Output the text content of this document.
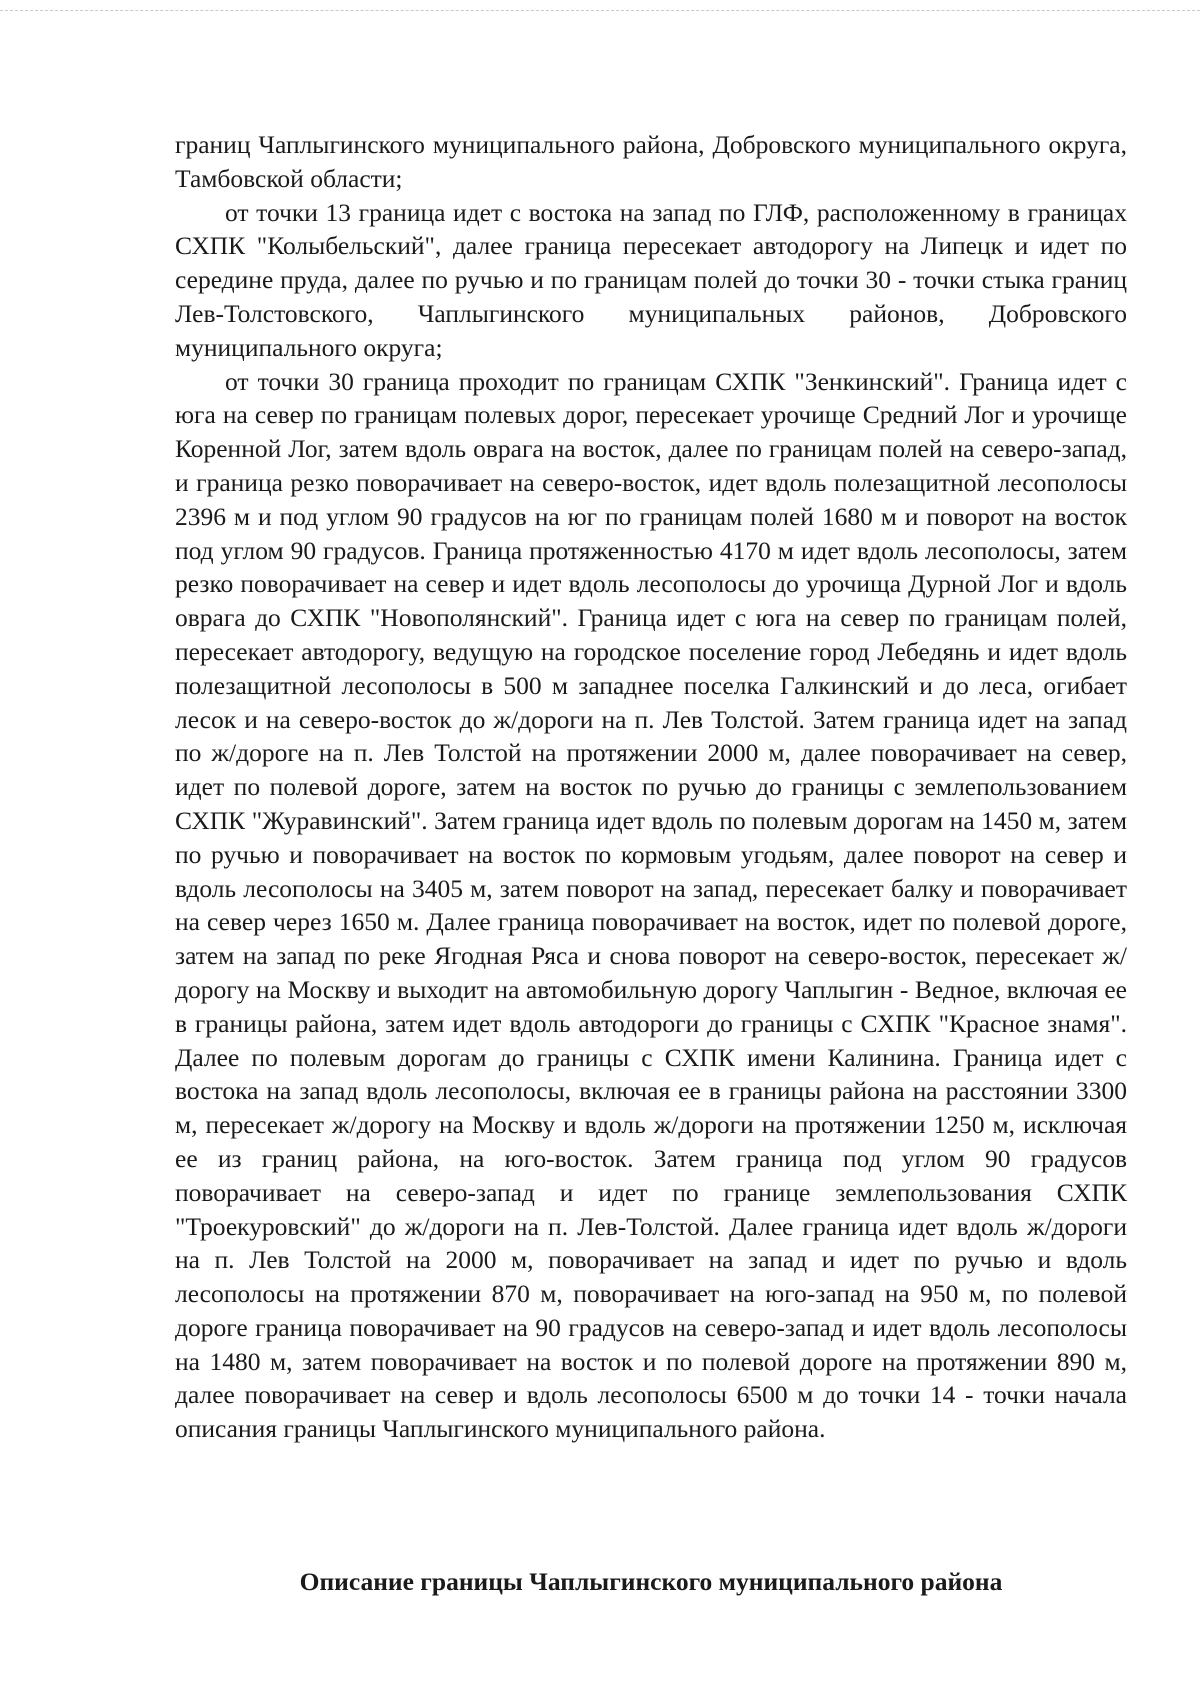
границ Чаплыгинского муниципального района, Добровского муниципального округа, Тамбовской области;

от точки 13 граница идет с востока на запад по ГЛФ, расположенному в границах СХПК "Колыбельский", далее граница пересекает автодорогу на Липецк и идет по середине пруда, далее по ручью и по границам полей до точки 30 - точки стыка границ Лев-Толстовского, Чаплыгинского муниципальных районов, Добровского муниципального округа;

от точки 30 граница проходит по границам СХПК "Зенкинский". Граница идет с юга на север по границам полевых дорог, пересекает урочище Средний Лог и урочище Коренной Лог, затем вдоль оврага на восток, далее по границам полей на северо-запад, и граница резко поворачивает на северо-восток, идет вдоль полезащитной лесополосы 2396 м и под углом 90 градусов на юг по границам полей 1680 м и поворот на восток под углом 90 градусов. Граница протяженностью 4170 м идет вдоль лесополосы, затем резко поворачивает на север и идет вдоль лесополосы до урочища Дурной Лог и вдоль оврага до СХПК "Новополянский". Граница идет с юга на север по границам полей, пересекает автодорогу, ведущую на городское поселение город Лебедянь и идет вдоль полезащитной лесополосы в 500 м западнее поселка Галкинский и до леса, огибает лесок и на северо-восток до ж/дороги на п. Лев Толстой. Затем граница идет на запад по ж/дороге на п. Лев Толстой на протяжении 2000 м, далее поворачивает на север, идет по полевой дороге, затем на восток по ручью до границы с землепользованием СХПК "Журавинский". Затем граница идет вдоль по полевым дорогам на 1450 м, затем по ручью и поворачивает на восток по кормовым угодьям, далее поворот на север и вдоль лесополосы на 3405 м, затем поворот на запад, пересекает балку и поворачивает на север через 1650 м. Далее граница поворачивает на восток, идет по полевой дороге, затем на запад по реке Ягодная Ряса и снова поворот на северо-восток, пересекает ж/дорогу на Москву и выходит на автомобильную дорогу Чаплыгин - Ведное, включая ее в границы района, затем идет вдоль автодороги до границы с СХПК "Красное знамя". Далее по полевым дорогам до границы с СХПК имени Калинина. Граница идет с востока на запад вдоль лесополосы, включая ее в границы района на расстоянии 3300 м, пересекает ж/дорогу на Москву и вдоль ж/дороги на протяжении 1250 м, исключая ее из границ района, на юго-восток. Затем граница под углом 90 градусов поворачивает на северо-запад и идет по границе землепользования СХПК "Троекуровский" до ж/дороги на п. Лев-Толстой. Далее граница идет вдоль ж/дороги на п. Лев Толстой на 2000 м, поворачивает на запад и идет по ручью и вдоль лесополосы на протяжении 870 м, поворачивает на юго-запад на 950 м, по полевой дороге граница поворачивает на 90 градусов на северо-запад и идет вдоль лесополосы на 1480 м, затем поворачивает на восток и по полевой дороге на протяжении 890 м, далее поворачивает на север и вдоль лесополосы 6500 м до точки 14 - точки начала описания границы Чаплыгинского муниципального района.

Описание границы Чаплыгинского муниципального района
